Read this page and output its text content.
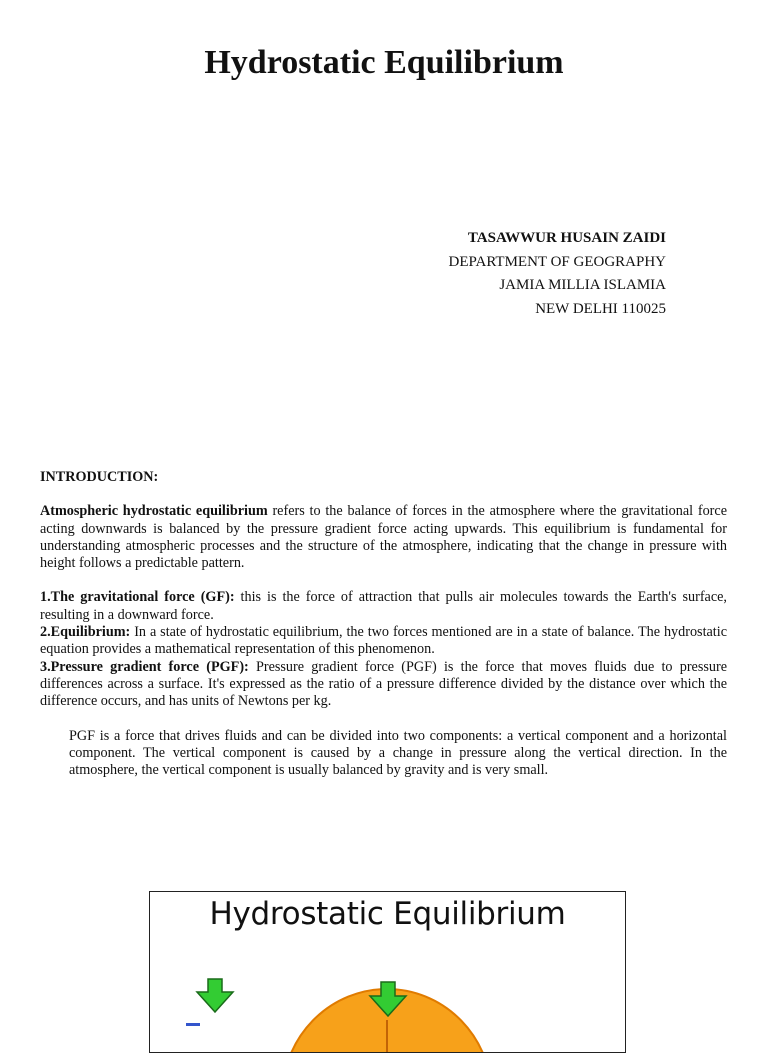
Hydrostatic Equilibrium
TASAWWUR HUSAIN ZAIDI
DEPARTMENT OF GEOGRAPHY
JAMIA MILLIA ISLAMIA
NEW DELHI 110025

INTRODUCTION:

Atmospheric hydrostatic equilibrium refers to the balance of forces in the atmosphere where the gravitational force acting downwards is balanced by the pressure gradient force acting upwards. This equilibrium is fundamental for understanding atmospheric processes and the structure of the atmosphere, indicating that the change in pressure with height follows a predictable pattern.

1.The gravitational force (GF): this is the force of attraction that pulls air molecules towards the Earth's surface, resulting in a downward force.

2.Equilibrium: In a state of hydrostatic equilibrium, the two forces mentioned are in a state of balance. The hydrostatic equation provides a mathematical representation of this phenomenon.

3.Pressure gradient force (PGF): Pressure gradient force (PGF) is the force that moves fluids due to pressure differences across a surface. It's expressed as the ratio of a pressure difference divided by the distance over which the difference occurs, and has units of Newtons per kg.

PGF is a force that drives fluids and can be divided into two components: a vertical component and a horizontal component. The vertical component is caused by a change in pressure along the vertical direction. In the atmosphere, the vertical component is usually balanced by gravity and is very small.

Hydrostatic Equilibrium
